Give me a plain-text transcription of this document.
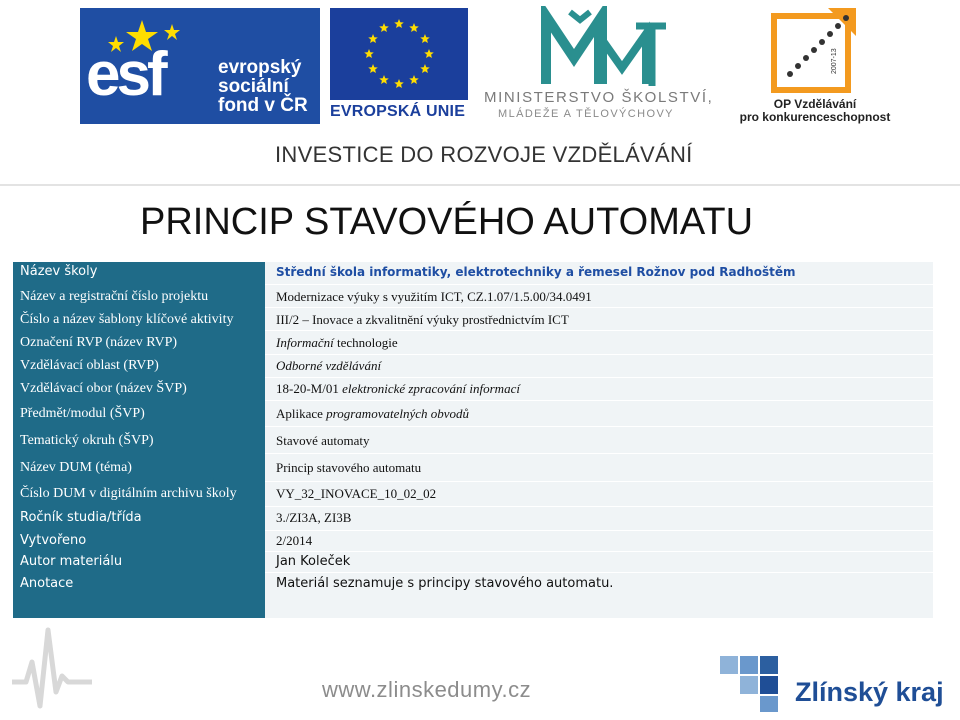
esf	evropský
sociální
fond v ČR EVROPSKÁ UNIE
MINISTERSTVO ŠKOLSTVÍ,
MLÁDEŽE A TĚLOVÝCHOVY
2007-13
OP Vzdělávání
pro konkurenceschopnost
INVESTICE DO ROZVOJE VZDĚLÁVÁNÍ
PRINCIP STAVOVÉHO AUTOMATU
Název školy
Název a registrační číslo projektu
Číslo a název šablony klíčové aktivity
Označení RVP (název RVP)
Vzdělávací oblast (RVP)
Vzdělávací obor (název ŠVP)
Předmět/modul (ŠVP)
Tematický okruh (ŠVP)
Název DUM (téma)
Číslo DUM v digitálním archivu školy
Ročník studia/třída
Vytvořeno
Autor materiálu
Anotace
Střední škola informatiky, elektrotechniky a řemesel Rožnov pod Radhoštěm
Modernizace výuky s využitím ICT, CZ.1.07/1.5.00/34.0491
III/2 – Inovace a zkvalitnění výuky prostřednictvím ICT
Informační technologie
Odborné vzdělávání
18-20-M/01 elektronické zpracování informací
Aplikace programovatelných obvodů
Stavové automaty
Princip stavového automatu
VY_32_INOVACE_10_02_02
3./ZI3A, ZI3B
2/2014
Jan Koleček
Materiál seznamuje s principy stavového automatu.
www.zlinskedumy.cz	Zlínský kraj
